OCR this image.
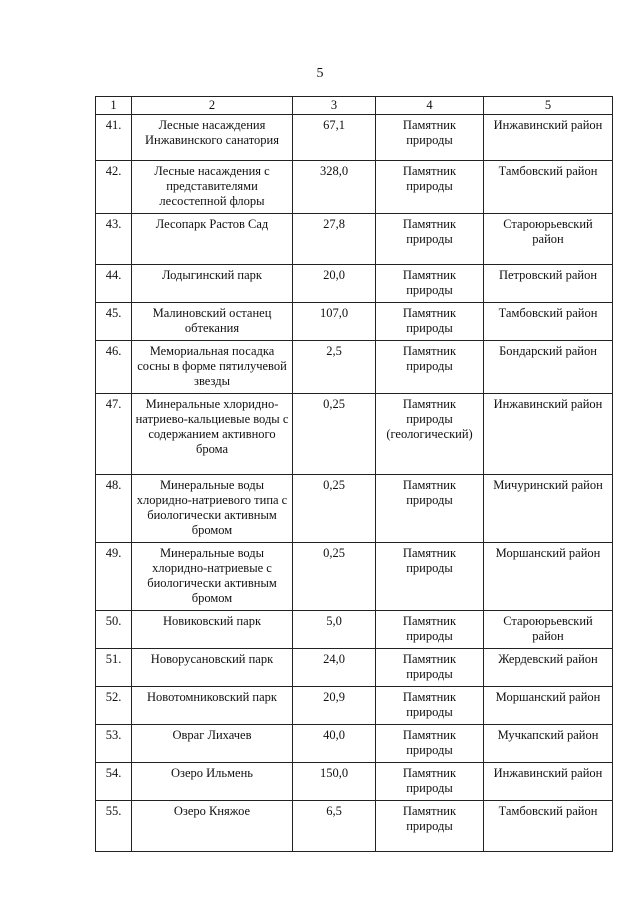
5
1	2	3	4	5
41.	Лесные насаждения Инжавинского санатория	67,1	Памятник природы	Инжавинский район
42.	Лесные насаждения с представителями лесостепной флоры	328,0	Памятник природы	Тамбовский район
43.	Лесопарк Растов Сад	27,8	Памятник природы	Староюрьевский район
44.	Лодыгинский парк	20,0	Памятник природы	Петровский район
45.	Малиновский останец обтекания	107,0	Памятник природы	Тамбовский район
46.	Мемориальная посадка сосны в форме пятилучевой звезды	2,5	Памятник природы	Бондарский район
47.	Минеральные хлоридно-натриево-кальциевые воды с содержанием активного брома	0,25	Памятник природы (геологический)	Инжавинский район
48.	Минеральные воды хлоридно-натриевого типа с биологически активным бромом	0,25	Памятник природы	Мичуринский район
49.	Минеральные воды хлоридно-натриевые с биологически активным бромом	0,25	Памятник природы	Моршанский район
50.	Новиковский парк	5,0	Памятник природы	Староюрьевский район
51.	Новорусановский парк	24,0	Памятник природы	Жердевский район
52.	Новотомниковский парк	20,9	Памятник природы	Моршанский район
53.	Овраг Лихачев	40,0	Памятник природы	Мучкапский район
54.	Озеро Ильмень	150,0	Памятник природы	Инжавинский район
55.	Озеро Княжое	6,5	Памятник природы	Тамбовский район
